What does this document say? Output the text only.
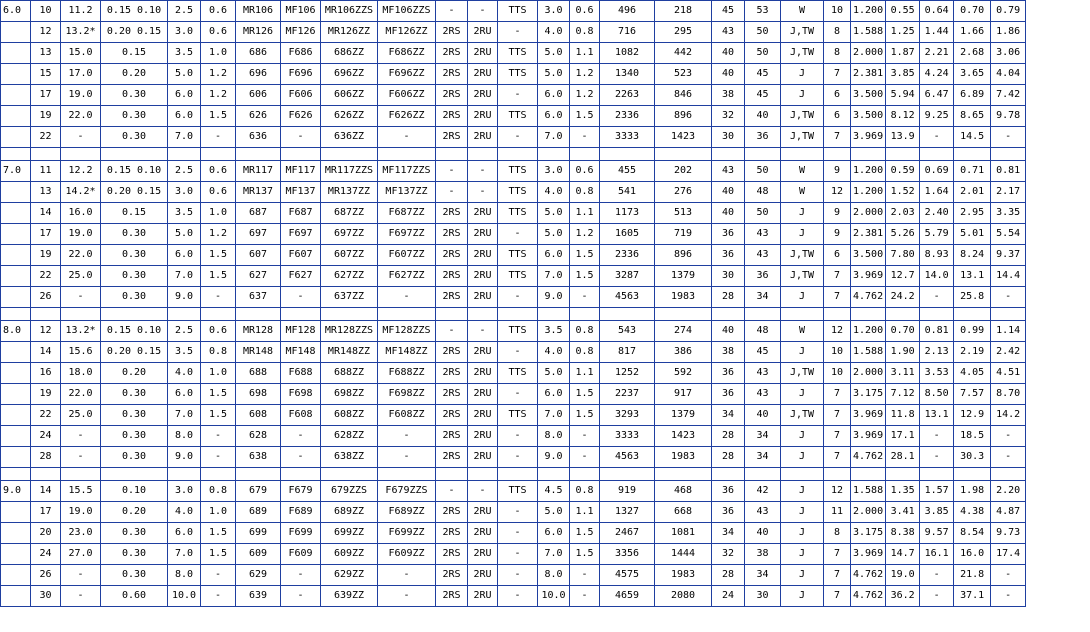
6.0	10	11.2	0.15 0.10	2.5	0.6	MR106	MF106	MR106ZZS	MF106ZZS	-	-	TTS	3.0	0.6	496	218	45	53	W	10	1.200	0.55	0.64	0.70	0.79
	12	13.2*	0.20 0.15	3.0	0.6	MR126	MF126	MR126ZZ	MF126ZZ	2RS	2RU	-	4.0	0.8	716	295	43	50	J,TW	8	1.588	1.25	1.44	1.66	1.86
	13	15.0	0.15	3.5	1.0	686	F686	686ZZ	F686ZZ	2RS	2RU	TTS	5.0	1.1	1082	442	40	50	J,TW	8	2.000	1.87	2.21	2.68	3.06
	15	17.0	0.20	5.0	1.2	696	F696	696ZZ	F696ZZ	2RS	2RU	TTS	5.0	1.2	1340	523	40	45	J	7	2.381	3.85	4.24	3.65	4.04
	17	19.0	0.30	6.0	1.2	606	F606	606ZZ	F606ZZ	2RS	2RU	-	6.0	1.2	2263	846	38	45	J	6	3.500	5.94	6.47	6.89	7.42
	19	22.0	0.30	6.0	1.5	626	F626	626ZZ	F626ZZ	2RS	2RU	TTS	6.0	1.5	2336	896	32	40	J,TW	6	3.500	8.12	9.25	8.65	9.78
	22	-	0.30	7.0	-	636	-	636ZZ	-	2RS	2RU	-	7.0	-	3333	1423	30	36	J,TW	7	3.969	13.9	-	14.5	-

7.0	11	12.2	0.15 0.10	2.5	0.6	MR117	MF117	MR117ZZS	MF117ZZS	-	-	TTS	3.0	0.6	455	202	43	50	W	9	1.200	0.59	0.69	0.71	0.81
	13	14.2*	0.20 0.15	3.0	0.6	MR137	MF137	MR137ZZ	MF137ZZ	-	-	TTS	4.0	0.8	541	276	40	48	W	12	1.200	1.52	1.64	2.01	2.17
	14	16.0	0.15	3.5	1.0	687	F687	687ZZ	F687ZZ	2RS	2RU	TTS	5.0	1.1	1173	513	40	50	J	9	2.000	2.03	2.40	2.95	3.35
	17	19.0	0.30	5.0	1.2	697	F697	697ZZ	F697ZZ	2RS	2RU	-	5.0	1.2	1605	719	36	43	J	9	2.381	5.26	5.79	5.01	5.54
	19	22.0	0.30	6.0	1.5	607	F607	607ZZ	F607ZZ	2RS	2RU	TTS	6.0	1.5	2336	896	36	43	J,TW	6	3.500	7.80	8.93	8.24	9.37
	22	25.0	0.30	7.0	1.5	627	F627	627ZZ	F627ZZ	2RS	2RU	TTS	7.0	1.5	3287	1379	30	36	J,TW	7	3.969	12.7	14.0	13.1	14.4
	26	-	0.30	9.0	-	637	-	637ZZ	-	2RS	2RU	-	9.0	-	4563	1983	28	34	J	7	4.762	24.2	-	25.8	-

8.0	12	13.2*	0.15 0.10	2.5	0.6	MR128	MF128	MR128ZZS	MF128ZZS	-	-	TTS	3.5	0.8	543	274	40	48	W	12	1.200	0.70	0.81	0.99	1.14
	14	15.6	0.20 0.15	3.5	0.8	MR148	MF148	MR148ZZ	MF148ZZ	2RS	2RU	-	4.0	0.8	817	386	38	45	J	10	1.588	1.90	2.13	2.19	2.42
	16	18.0	0.20	4.0	1.0	688	F688	688ZZ	F688ZZ	2RS	2RU	TTS	5.0	1.1	1252	592	36	43	J,TW	10	2.000	3.11	3.53	4.05	4.51
	19	22.0	0.30	6.0	1.5	698	F698	698ZZ	F698ZZ	2RS	2RU	-	6.0	1.5	2237	917	36	43	J	7	3.175	7.12	8.50	7.57	8.70
	22	25.0	0.30	7.0	1.5	608	F608	608ZZ	F608ZZ	2RS	2RU	TTS	7.0	1.5	3293	1379	34	40	J,TW	7	3.969	11.8	13.1	12.9	14.2
	24	-	0.30	8.0	-	628	-	628ZZ	-	2RS	2RU	-	8.0	-	3333	1423	28	34	J	7	3.969	17.1	-	18.5	-
	28	-	0.30	9.0	-	638	-	638ZZ	-	2RS	2RU	-	9.0	-	4563	1983	28	34	J	7	4.762	28.1	-	30.3	-

9.0	14	15.5	0.10	3.0	0.8	679	F679	679ZZS	F679ZZS	-	-	TTS	4.5	0.8	919	468	36	42	J	12	1.588	1.35	1.57	1.98	2.20
	17	19.0	0.20	4.0	1.0	689	F689	689ZZ	F689ZZ	2RS	2RU	-	5.0	1.1	1327	668	36	43	J	11	2.000	3.41	3.85	4.38	4.87
	20	23.0	0.30	6.0	1.5	699	F699	699ZZ	F699ZZ	2RS	2RU	-	6.0	1.5	2467	1081	34	40	J	8	3.175	8.38	9.57	8.54	9.73
	24	27.0	0.30	7.0	1.5	609	F609	609ZZ	F609ZZ	2RS	2RU	-	7.0	1.5	3356	1444	32	38	J	7	3.969	14.7	16.1	16.0	17.4
	26	-	0.30	8.0	-	629	-	629ZZ	-	2RS	2RU	-	8.0	-	4575	1983	28	34	J	7	4.762	19.0	-	21.8	-
	30	-	0.60	10.0	-	639	-	639ZZ	-	2RS	2RU	-	10.0	-	4659	2080	24	30	J	7	4.762	36.2	-	37.1	-
